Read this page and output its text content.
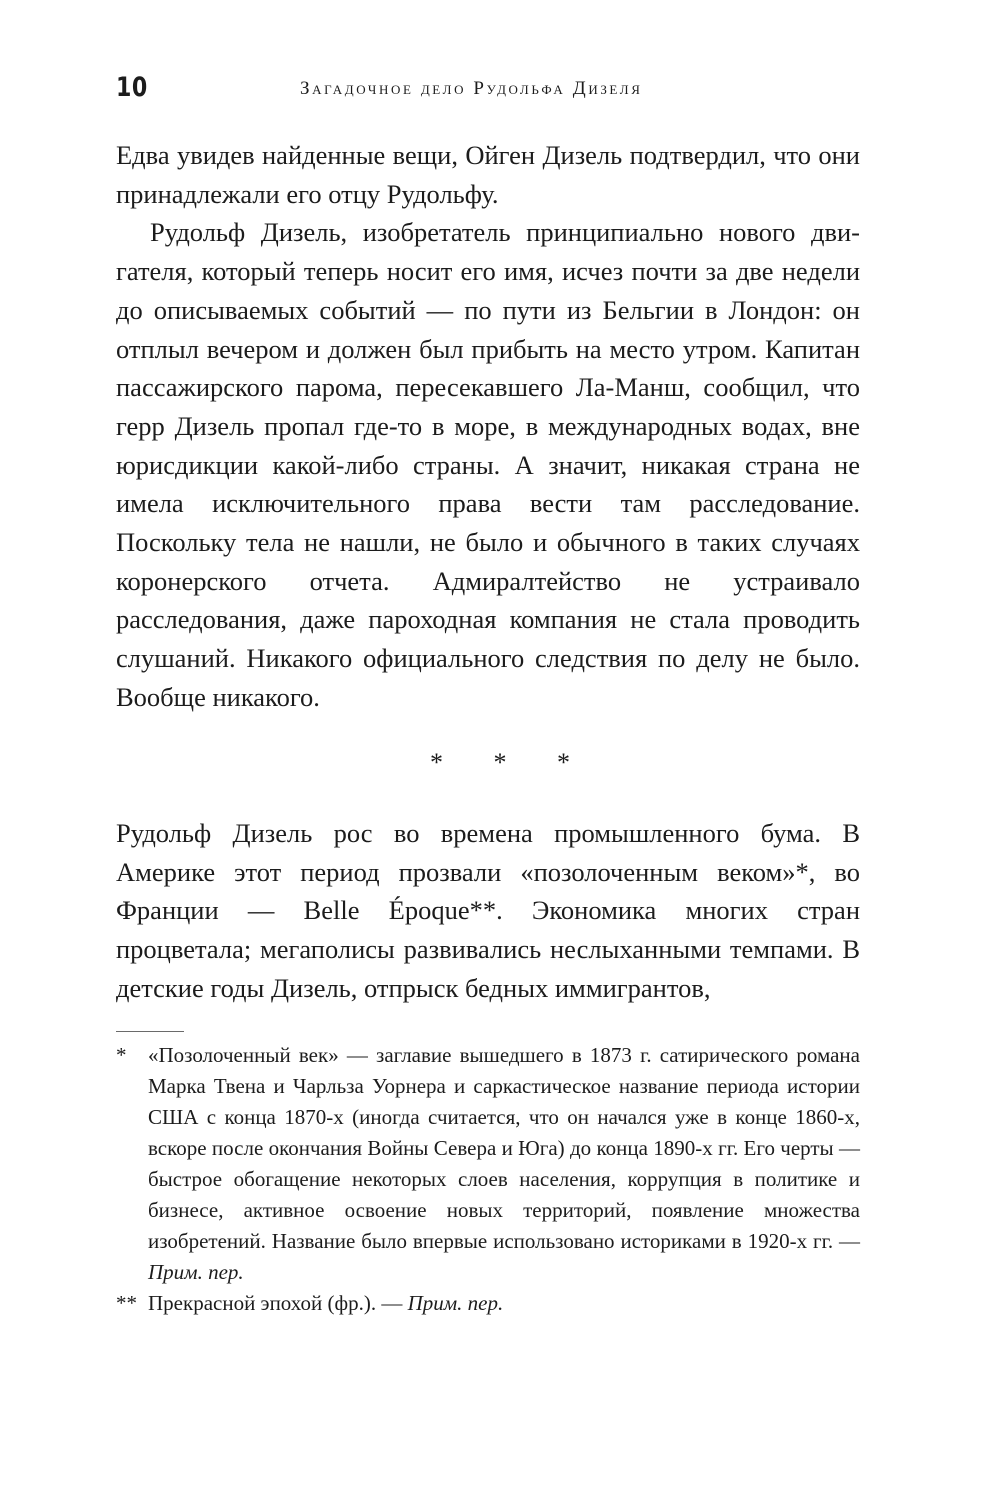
10	Загадочное дело Рудольфа Дизеля

Едва увидев найденные вещи, Ойген Дизель подтвердил, что они принадлежали его отцу Рудольфу.

Рудольф Дизель, изобретатель принципиально нового двигателя, который теперь носит его имя, исчез почти за две недели до описываемых событий — по пути из Бельгии в Лондон: он отплыл вечером и должен был прибыть на место утром. Капитан пассажирского парома, пересекавшего Ла-Манш, сообщил, что герр Дизель пропал где-то в море, в международных водах, вне юрисдикции какой-либо страны. А значит, никакая страна не имела исключительного права вести там расследование. Поскольку тела не нашли, не было и обычного в таких случаях коронерского отчета. Адмиралтейство не устраивало расследования, даже пароходная компания не стала проводить слушаний. Никакого официального следствия по делу не было. Вообще никакого.

* * *

Рудольф Дизель рос во времена промышленного бума. В Америке этот период прозвали «позолоченным веком»*, во Франции — Belle Époque**. Экономика многих стран процветала; мегаполисы развивались неслыханными темпами. В детские годы Дизель, отпрыск бедных иммигрантов,

* «Позолоченный век» — заглавие вышедшего в 1873 г. сатирического романа Марка Твена и Чарльза Уорнера и саркастическое название периода истории США с конца 1870-х (иногда считается, что он начался уже в конце 1860-х, вскоре после окончания Войны Севера и Юга) до конца 1890-х гг. Его черты — быстрое обогащение некоторых слоев населения, коррупция в политике и бизнесе, активное освоение новых территорий, появление множества изобретений. Название было впервые использовано историками в 1920-х гг. — Прим. пер.
** Прекрасной эпохой (фр.). — Прим. пер.
